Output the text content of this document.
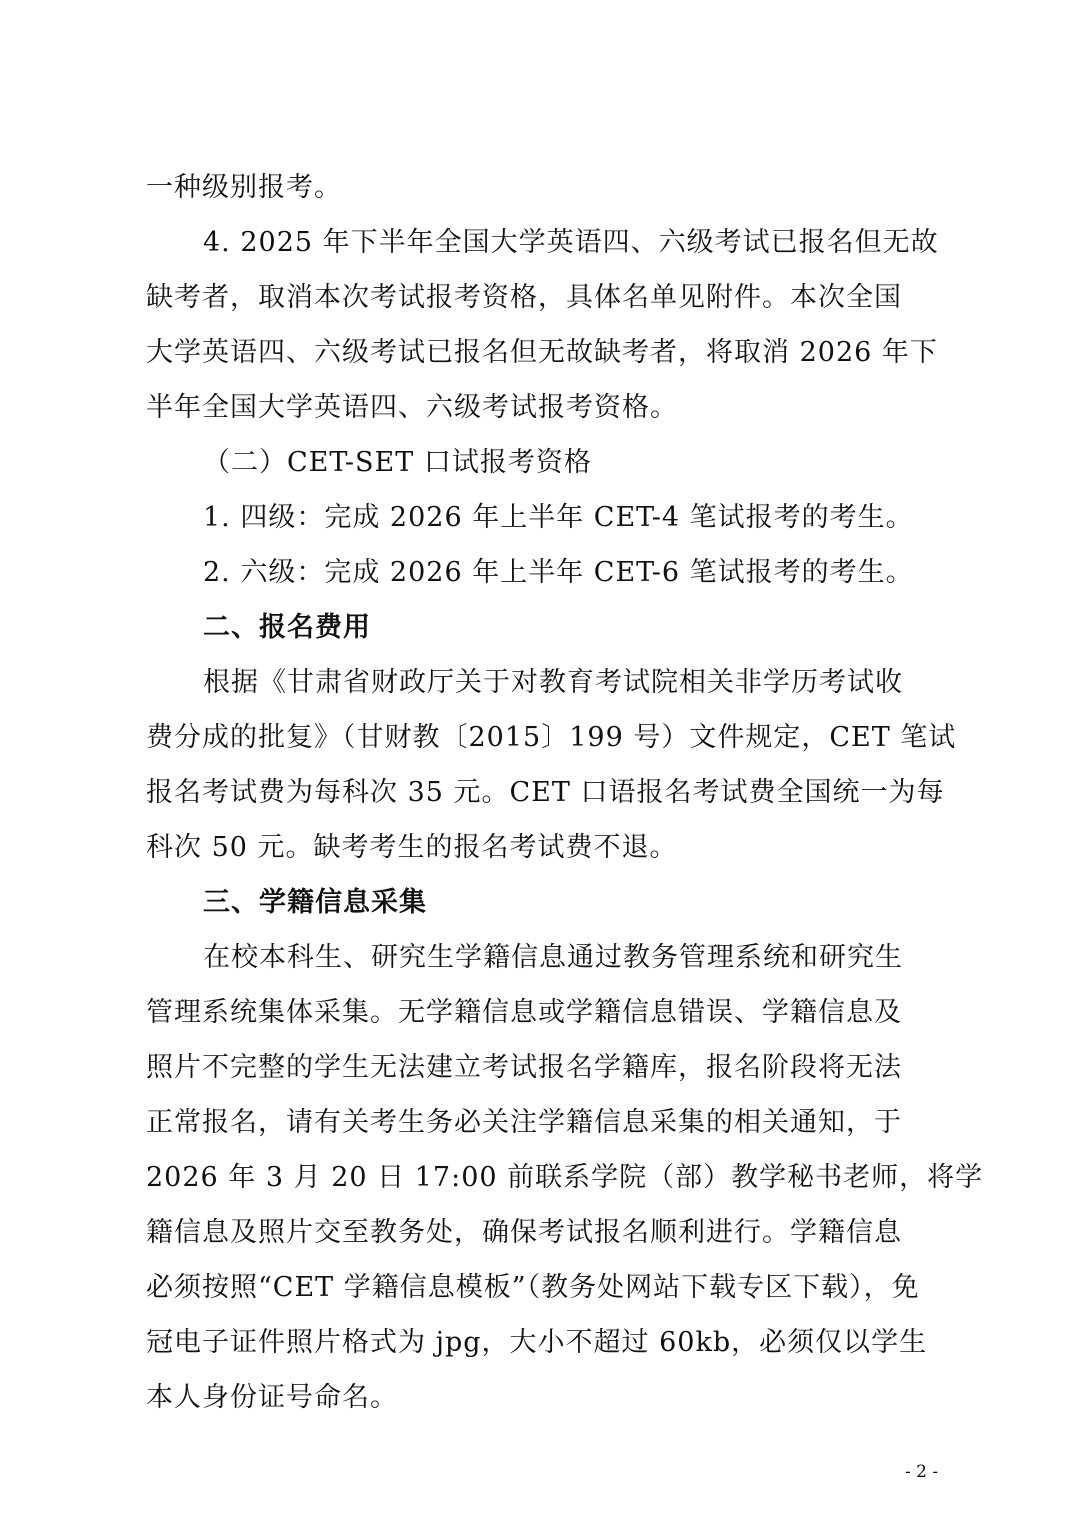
一种级别报考。

4. 2025 年下半年全国大学英语四、六级考试已报名但无故

缺考者，取消本次考试报考资格，具体名单见附件。本次全国

大学英语四、六级考试已报名但无故缺考者，将取消 2026 年下

半年全国大学英语四、六级考试报考资格。

（二）CET-SET 口试报考资格

1. 四级：完成 2026 年上半年 CET-4 笔试报考的考生。

2. 六级：完成 2026 年上半年 CET-6 笔试报考的考生。

二、报名费用

根据《甘肃省财政厅关于对教育考试院相关非学历考试收

费分成的批复》（甘财教〔2015〕199 号）文件规定，CET 笔试

报名考试费为每科次 35 元。CET 口语报名考试费全国统一为每

科次 50 元。缺考考生的报名考试费不退。

三、学籍信息采集

在校本科生、研究生学籍信息通过教务管理系统和研究生

管理系统集体采集。无学籍信息或学籍信息错误、学籍信息及

照片不完整的学生无法建立考试报名学籍库，报名阶段将无法

正常报名，请有关考生务必关注学籍信息采集的相关通知，于

2026 年 3 月 20 日 17:00 前联系学院（部）教学秘书老师，将学

籍信息及照片交至教务处，确保考试报名顺利进行。学籍信息

必须按照“CET 学籍信息模板”（教务处网站下载专区下载），免

冠电子证件照片格式为 jpg，大小不超过 60kb，必须仅以学生

本人身份证号命名。

- 2 -
